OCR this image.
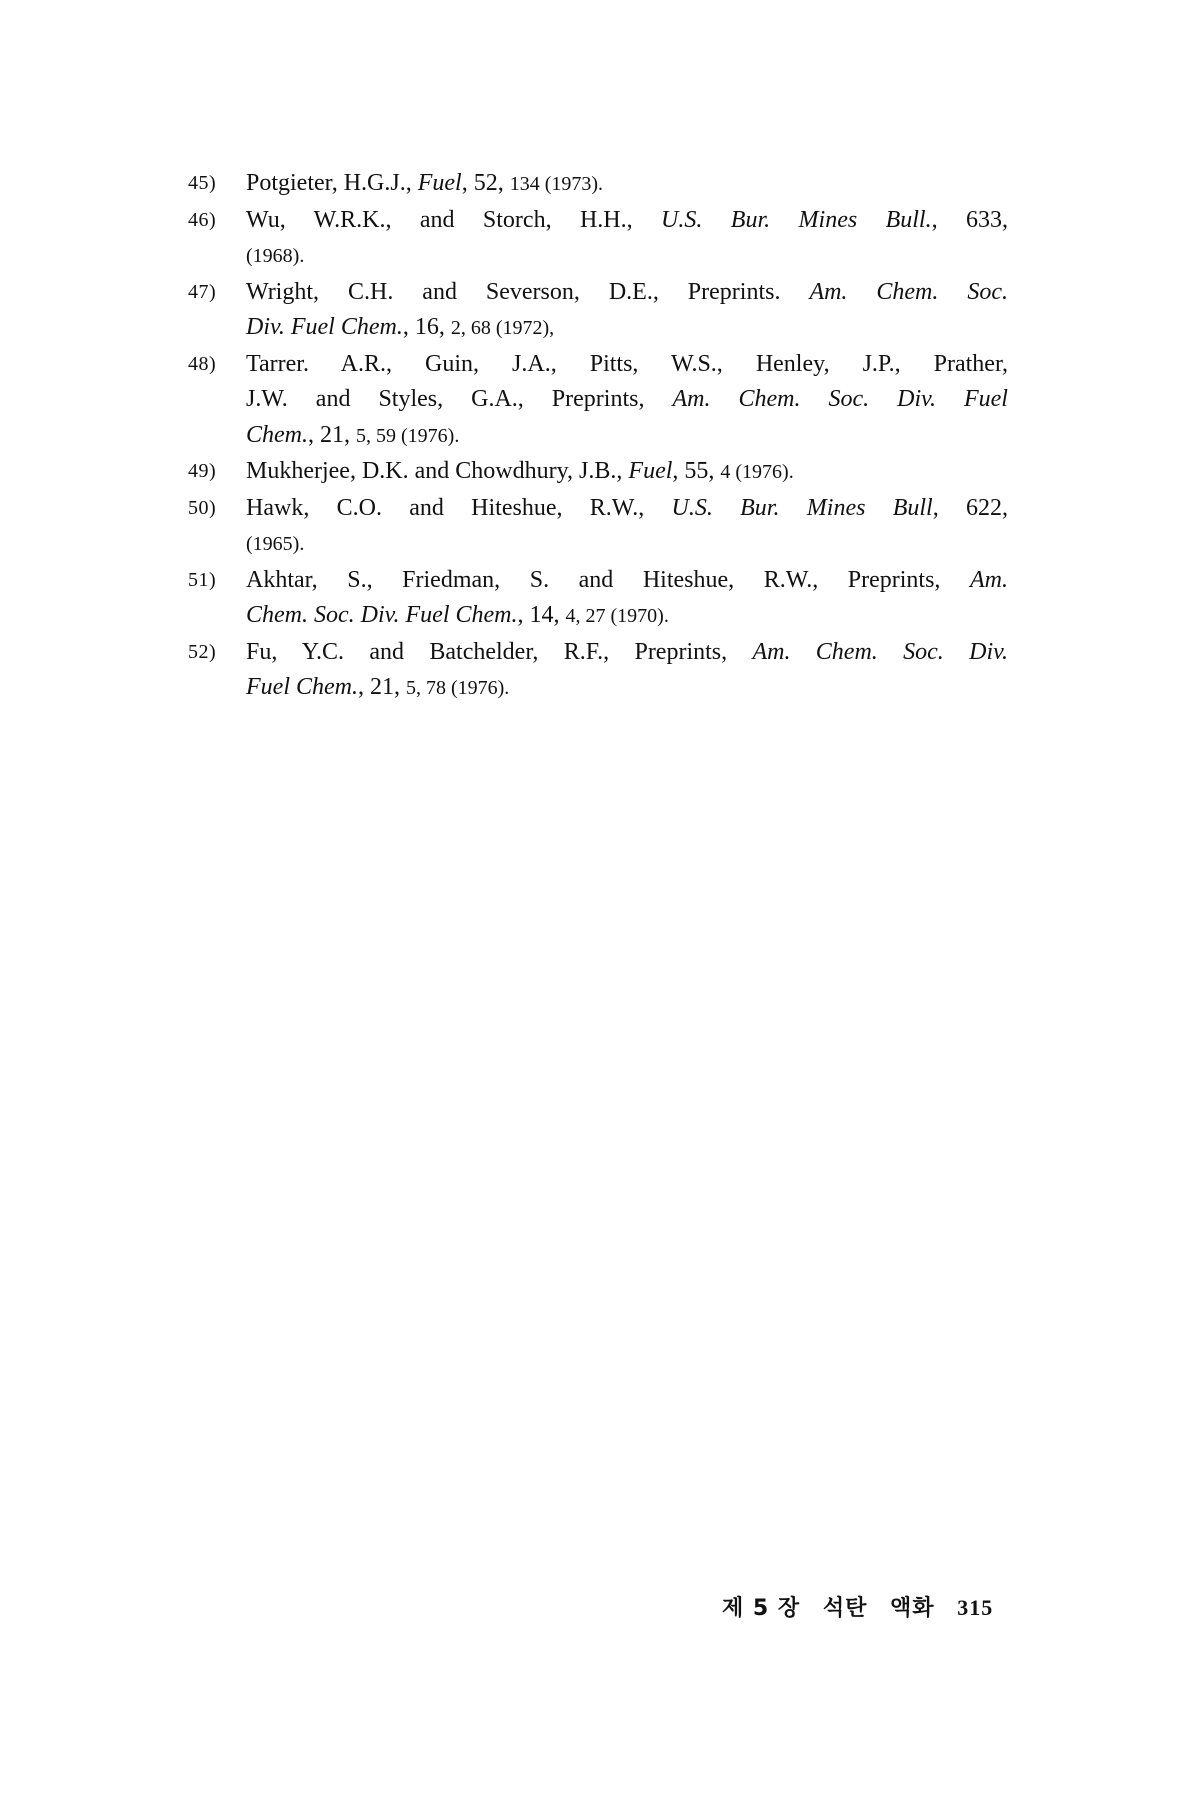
45)	Potgieter, H.G.J., Fuel, 52, 134 (1973).
46)	Wu, W.R.K., and Storch, H.H., U.S. Bur. Mines Bull., 633,
(1968).
47)	Wright, C.H. and Severson, D.E., Preprints. Am. Chem. Soc.
Div. Fuel Chem., 16, 2, 68 (1972),
48)	Tarrer. A.R., Guin, J.A., Pitts, W.S., Henley, J.P., Prather,
J.W. and Styles, G.A., Preprints, Am. Chem. Soc. Div. Fuel
Chem., 21, 5, 59 (1976).
49)	Mukherjee, D.K. and Chowdhury, J.B., Fuel, 55, 4 (1976).
50)	Hawk, C.O. and Hiteshue, R.W., U.S. Bur. Mines Bull, 622,
(1965).
51)	Akhtar, S., Friedman, S. and Hiteshue, R.W., Preprints, Am.
Chem. Soc. Div. Fuel Chem., 14, 4, 27 (1970).
52)	Fu, Y.C. and Batchelder, R.F., Preprints, Am. Chem. Soc. Div.
Fuel Chem., 21, 5, 78 (1976).
제 5 장 석탄 액화 315
